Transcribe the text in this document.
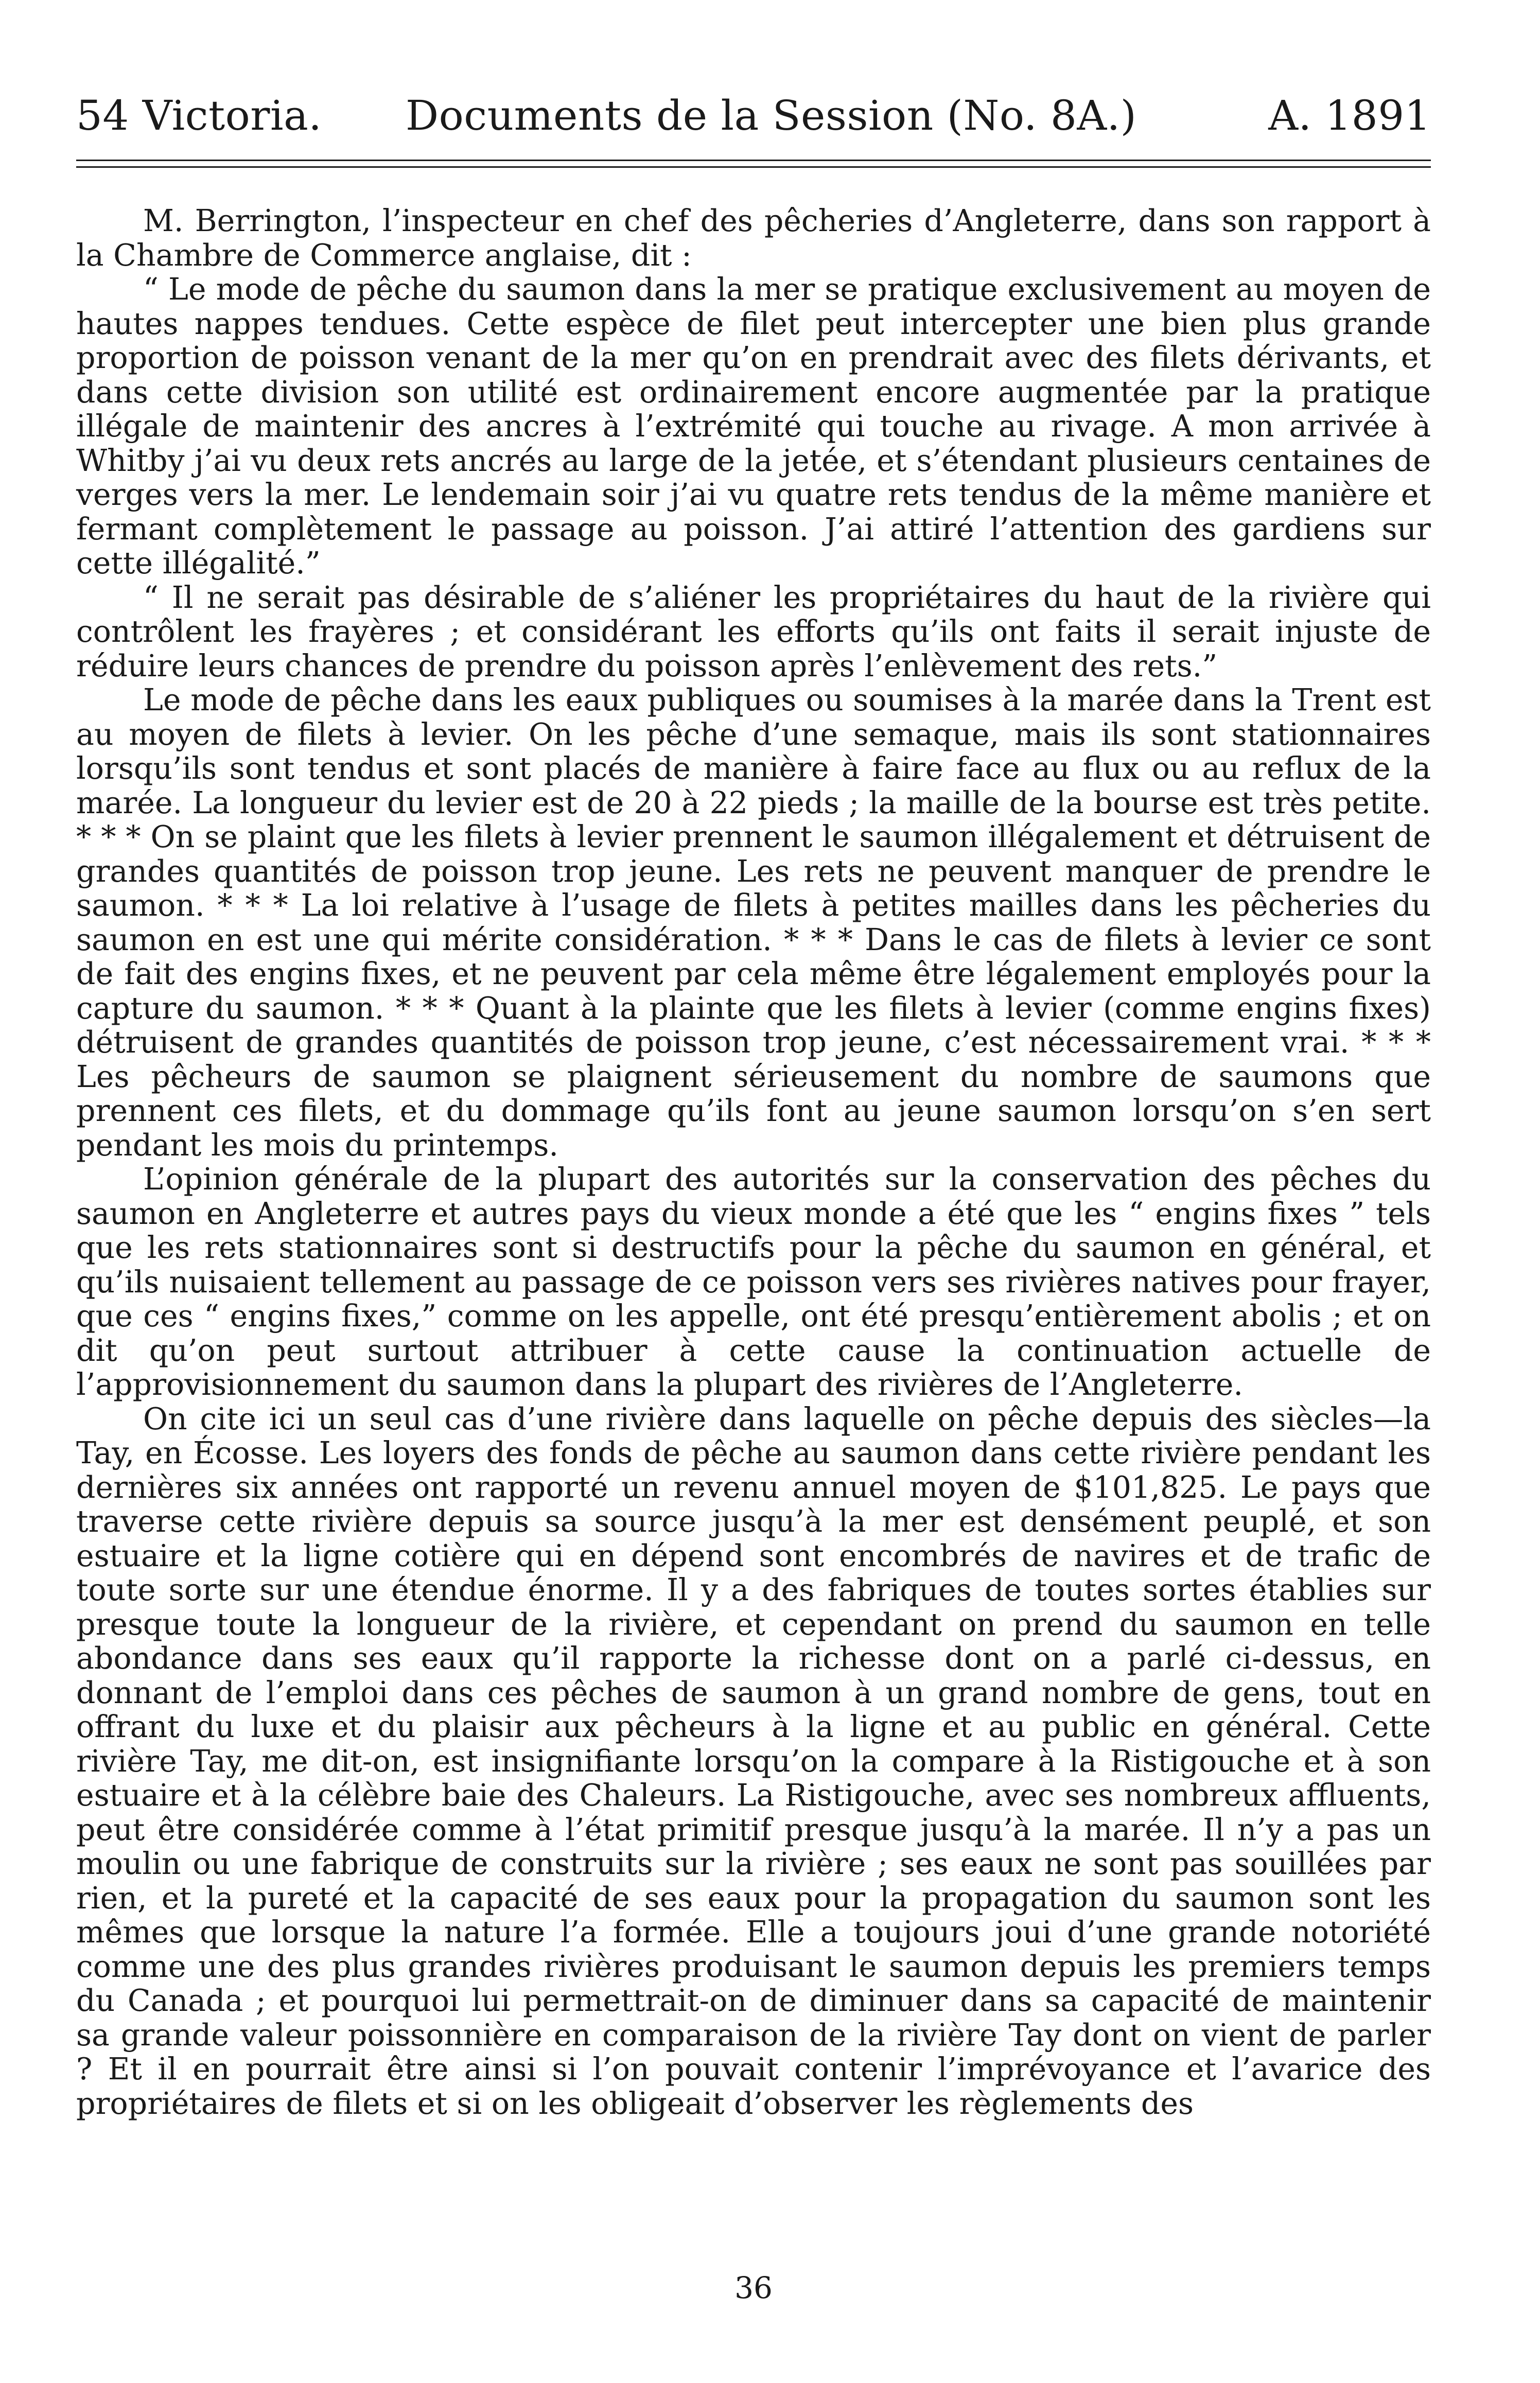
54 Victoria. Documents de la Session (No. 8A.)	A. 1891

M. Berrington, l’inspecteur en chef des pêcheries d’Angleterre, dans son rapport à la Chambre de Commerce anglaise, dit :

“ Le mode de pêche du saumon dans la mer se pratique exclusivement au moyen de hautes nappes tendues. Cette espèce de filet peut intercepter une bien plus grande proportion de poisson venant de la mer qu’on en prendrait avec des filets dérivants, et dans cette division son utilité est ordinairement encore augmentée par la pratique illégale de maintenir des ancres à l’extrémité qui touche au rivage. A mon arrivée à Whitby j’ai vu deux rets ancrés au large de la jetée, et s’étendant plusieurs centaines de verges vers la mer. Le lendemain soir j’ai vu quatre rets tendus de la même manière et fermant complètement le passage au poisson. J’ai attiré l’attention des gardiens sur cette illégalité.”

“ Il ne serait pas désirable de s’aliéner les propriétaires du haut de la rivière qui contrôlent les frayères ; et considérant les efforts qu’ils ont faits il serait injuste de réduire leurs chances de prendre du poisson après l’enlèvement des rets.”

Le mode de pêche dans les eaux publiques ou soumises à la marée dans la Trent est au moyen de filets à levier. On les pêche d’une semaque, mais ils sont stationnaires lorsqu’ils sont tendus et sont placés de manière à faire face au flux ou au reflux de la marée. La longueur du levier est de 20 à 22 pieds ; la maille de la bourse est très petite. * * * On se plaint que les filets à levier prennent le saumon illégalement et détruisent de grandes quantités de poisson trop jeune. Les rets ne peuvent manquer de prendre le saumon. * * * La loi relative à l’usage de filets à petites mailles dans les pêcheries du saumon en est une qui mérite considération. * * * Dans le cas de filets à levier ce sont de fait des engins fixes, et ne peuvent par cela même être légalement employés pour la capture du saumon. * * * Quant à la plainte que les filets à levier (comme engins fixes) détruisent de grandes quantités de poisson trop jeune, c’est nécessairement vrai. * * * Les pêcheurs de saumon se plaignent sérieusement du nombre de saumons que prennent ces filets, et du dommage qu’ils font au jeune saumon lorsqu’on s’en sert pendant les mois du printemps.

L’opinion générale de la plupart des autorités sur la conservation des pêches du saumon en Angleterre et autres pays du vieux monde a été que les “ engins fixes ” tels que les rets stationnaires sont si destructifs pour la pêche du saumon en général, et qu’ils nuisaient tellement au passage de ce poisson vers ses rivières natives pour frayer, que ces “ engins fixes,” comme on les appelle, ont été presqu’entièrement abolis ; et on dit qu’on peut surtout attribuer à cette cause la continuation actuelle de l’approvisionnement du saumon dans la plupart des rivières de l’Angleterre.

On cite ici un seul cas d’une rivière dans laquelle on pêche depuis des siècles—la Tay, en Écosse. Les loyers des fonds de pêche au saumon dans cette rivière pendant les dernières six années ont rapporté un revenu annuel moyen de $101,825. Le pays que traverse cette rivière depuis sa source jusqu’à la mer est densément peuplé, et son estuaire et la ligne cotière qui en dépend sont encombrés de navires et de trafic de toute sorte sur une étendue énorme. Il y a des fabriques de toutes sortes établies sur presque toute la longueur de la rivière, et cependant on prend du saumon en telle abondance dans ses eaux qu’il rapporte la richesse dont on a parlé ci-dessus, en donnant de l’emploi dans ces pêches de saumon à un grand nombre de gens, tout en offrant du luxe et du plaisir aux pêcheurs à la ligne et au public en général. Cette rivière Tay, me dit-on, est insignifiante lorsqu’on la compare à la Ristigouche et à son estuaire et à la célèbre baie des Chaleurs. La Ristigouche, avec ses nombreux affluents, peut être considérée comme à l’état primitif presque jusqu’à la marée. Il n’y a pas un moulin ou une fabrique de construits sur la rivière ; ses eaux ne sont pas souillées par rien, et la pureté et la capacité de ses eaux pour la propagation du saumon sont les mêmes que lorsque la nature l’a formée. Elle a toujours joui d’une grande notoriété comme une des plus grandes rivières produisant le saumon depuis les premiers temps du Canada ; et pourquoi lui permettrait-on de diminuer dans sa capacité de maintenir sa grande valeur poissonnière en comparaison de la rivière Tay dont on vient de parler ? Et il en pourrait être ainsi si l’on pouvait contenir l’imprévoyance et l’avarice des propriétaires de filets et si on les obligeait d’observer les règlements des

36
